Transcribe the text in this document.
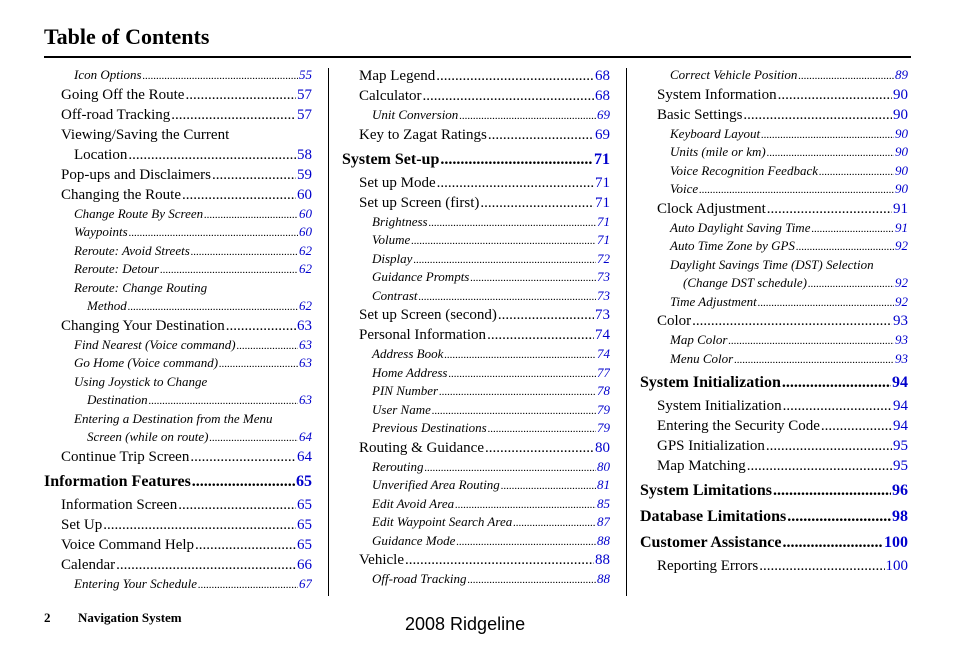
Table of Contents
Icon Options .....	55
Going Off the Route .....	57
Off-road Tracking .....	57
Viewing/Saving the Current
Location .....	58
Pop-ups and Disclaimers .....	59
Changing the Route .....	60
Change Route By Screen .....	60
Waypoints .....	60
Reroute: Avoid Streets .....	62
Reroute: Detour .....	62
Reroute: Change Routing
Method .....	62
Changing Your Destination .....	63
Find Nearest (Voice command) .....	63
Go Home (Voice command) .....	63
Using Joystick to Change
Destination .....	63
Entering a Destination from the Menu
Screen (while on route) .....	64
Continue Trip Screen .....	64
Information Features .....	65
Information Screen .....	65
Set Up .....	65
Voice Command Help .....	65
Calendar .....	66
Entering Your Schedule .....	67
Map Legend .....	68
Calculator .....	68
Unit Conversion .....	69
Key to Zagat Ratings .....	69
System Set-up .....	71
Set up Mode .....	71
Set up Screen (first) .....	71
Brightness .....	71
Volume .....	71
Display .....	72
Guidance Prompts .....	73
Contrast .....	73
Set up Screen (second) .....	73
Personal Information .....	74
Address Book .....	74
Home Address .....	77
PIN Number .....	78
User Name .....	79
Previous Destinations .....	79
Routing & Guidance .....	80
Rerouting .....	80
Unverified Area Routing .....	81
Edit Avoid Area .....	85
Edit Waypoint Search Area .....	87
Guidance Mode .....	88
Vehicle .....	88
Off-road Tracking .....	88
Correct Vehicle Position .....	89
System Information .....	90
Basic Settings .....	90
Keyboard Layout .....	90
Units (mile or km) .....	90
Voice Recognition Feedback .....	90
Voice .....	90
Clock Adjustment .....	91
Auto Daylight Saving Time .....	91
Auto Time Zone by GPS .....	92
Daylight Savings Time (DST) Selection
(Change DST schedule) .....	92
Time Adjustment .....	92
Color .....	93
Map Color .....	93
Menu Color .....	93
System Initialization .....	94
System Initialization .....	94
Entering the Security Code .....	94
GPS Initialization .....	95
Map Matching .....	95
System Limitations .....	96
Database Limitations .....	98
Customer Assistance .....	100
Reporting Errors .....	100
2 Navigation System	2008 Ridgeline
